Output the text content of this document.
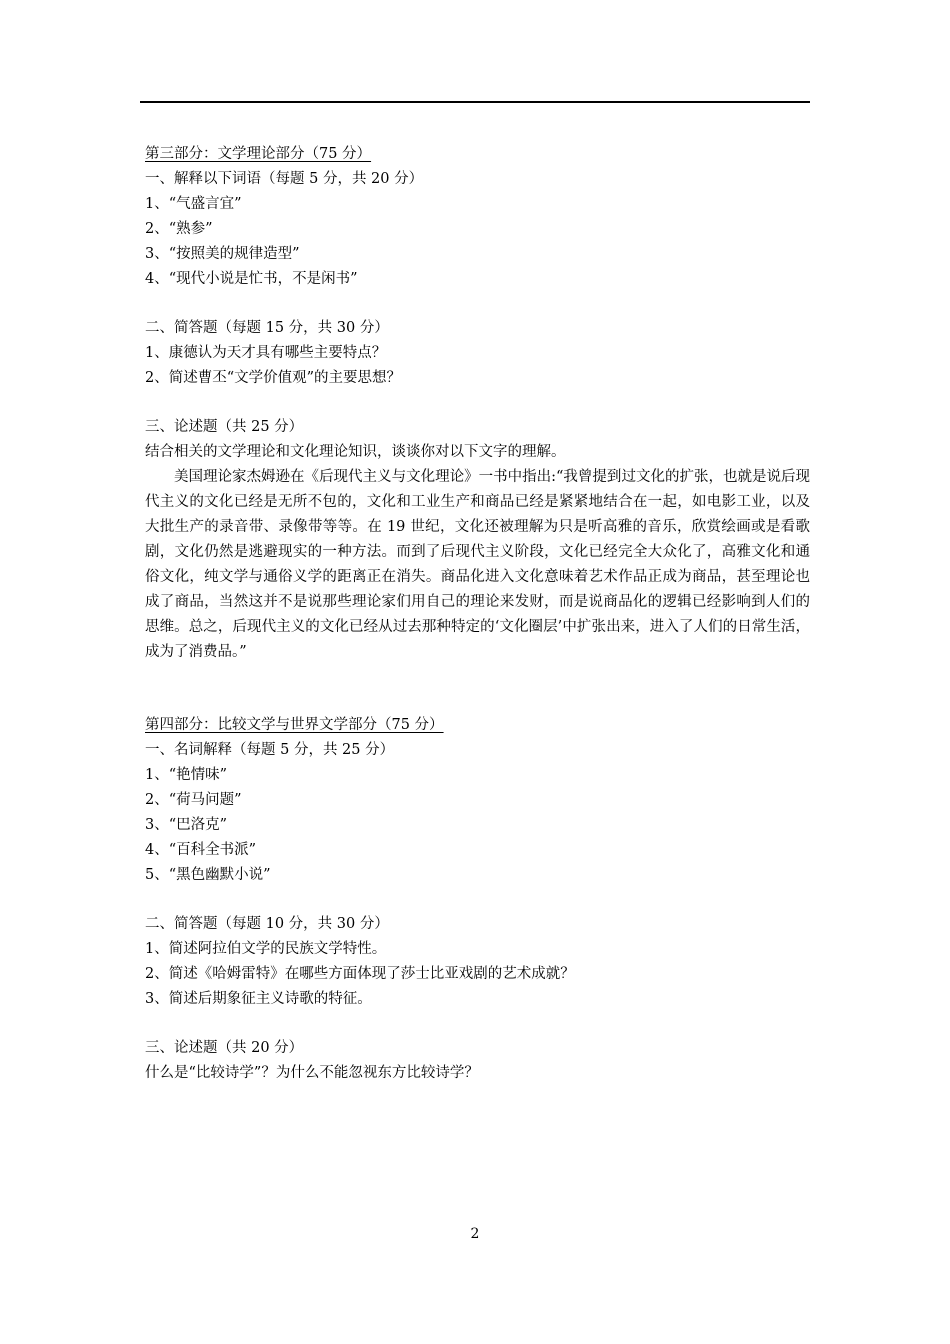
第三部分：文学理论部分（75 分）
一、解释以下词语（每题 5 分，共 20 分）
1、“气盛言宜”
2、“熟参”
3、“按照美的规律造型”
4、“现代小说是忙书，不是闲书”
二、简答题（每题 15 分，共 30 分）
1、康德认为天才具有哪些主要特点？
2、简述曹丕“文学价值观”的主要思想？
三、论述题（共 25 分）
结合相关的文学理论和文化理论知识，谈谈你对以下文字的理解。
美国理论家杰姆逊在《后现代主义与文化理论》一书中指出:“我曾提到过文化的扩张，也就是说后现代主义的文化已经是无所不包的，文化和工业生产和商品已经是紧紧地结合在一起，如电影工业，以及大批生产的录音带、录像带等等。在 19 世纪，文化还被理解为只是听高雅的音乐，欣赏绘画或是看歌剧，文化仍然是逃避现实的一种方法。而到了后现代主义阶段，文化已经完全大众化了，高雅文化和通俗文化，纯文学与通俗义学的距离正在消失。商品化进入文化意味着艺术作品正成为商品，甚至理论也成了商品，当然这并不是说那些理论家们用自己的理论来发财，而是说商品化的逻辑已经影响到人们的思维。总之，后现代主义的文化已经从过去那种特定的‘文化圈层’中扩张出来，进入了人们的日常生活，成为了消费品。”
第四部分：比较文学与世界文学部分（75 分）
一、名词解释（每题 5 分，共 25 分）
1、“艳情味”
2、“荷马问题”
3、“巴洛克”
4、“百科全书派”
5、“黑色幽默小说”
二、简答题（每题 10 分，共 30 分）
1、简述阿拉伯文学的民族文学特性。
2、简述《哈姆雷特》在哪些方面体现了莎士比亚戏剧的艺术成就？
3、简述后期象征主义诗歌的特征。
三、论述题（共 20 分）
什么是“比较诗学”？为什么不能忽视东方比较诗学？
2
